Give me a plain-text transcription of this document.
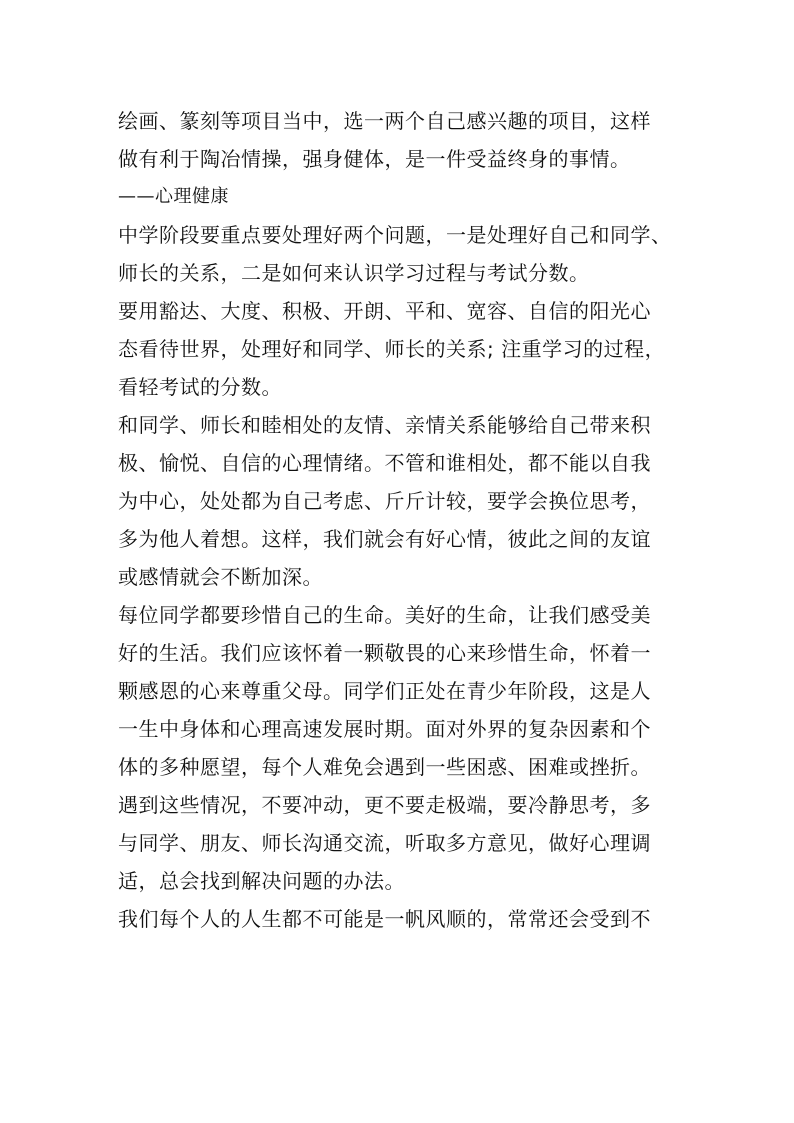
绘画、篆刻等项目当中，选一两个自己感兴趣的项目，这样
做有利于陶冶情操，强身健体，是一件受益终身的事情。
——心理健康
中学阶段要重点要处理好两个问题，一是处理好自己和同学、
师长的关系，二是如何来认识学习过程与考试分数。
要用豁达、大度、积极、开朗、平和、宽容、自信的阳光心
态看待世界，处理好和同学、师长的关系; 注重学习的过程，
看轻考试的分数。
和同学、师长和睦相处的友情、亲情关系能够给自己带来积
极、愉悦、自信的心理情绪。不管和谁相处，都不能以自我
为中心，处处都为自己考虑、斤斤计较，要学会换位思考，
多为他人着想。这样，我们就会有好心情，彼此之间的友谊
或感情就会不断加深。
每位同学都要珍惜自己的生命。美好的生命，让我们感受美
好的生活。我们应该怀着一颗敬畏的心来珍惜生命，怀着一
颗感恩的心来尊重父母。同学们正处在青少年阶段，这是人
一生中身体和心理高速发展时期。面对外界的复杂因素和个
体的多种愿望，每个人难免会遇到一些困惑、困难或挫折。
遇到这些情况，不要冲动，更不要走极端，要冷静思考，多
与同学、朋友、师长沟通交流，听取多方意见，做好心理调
适，总会找到解决问题的办法。
我们每个人的人生都不可能是一帆风顺的，常常还会受到不
